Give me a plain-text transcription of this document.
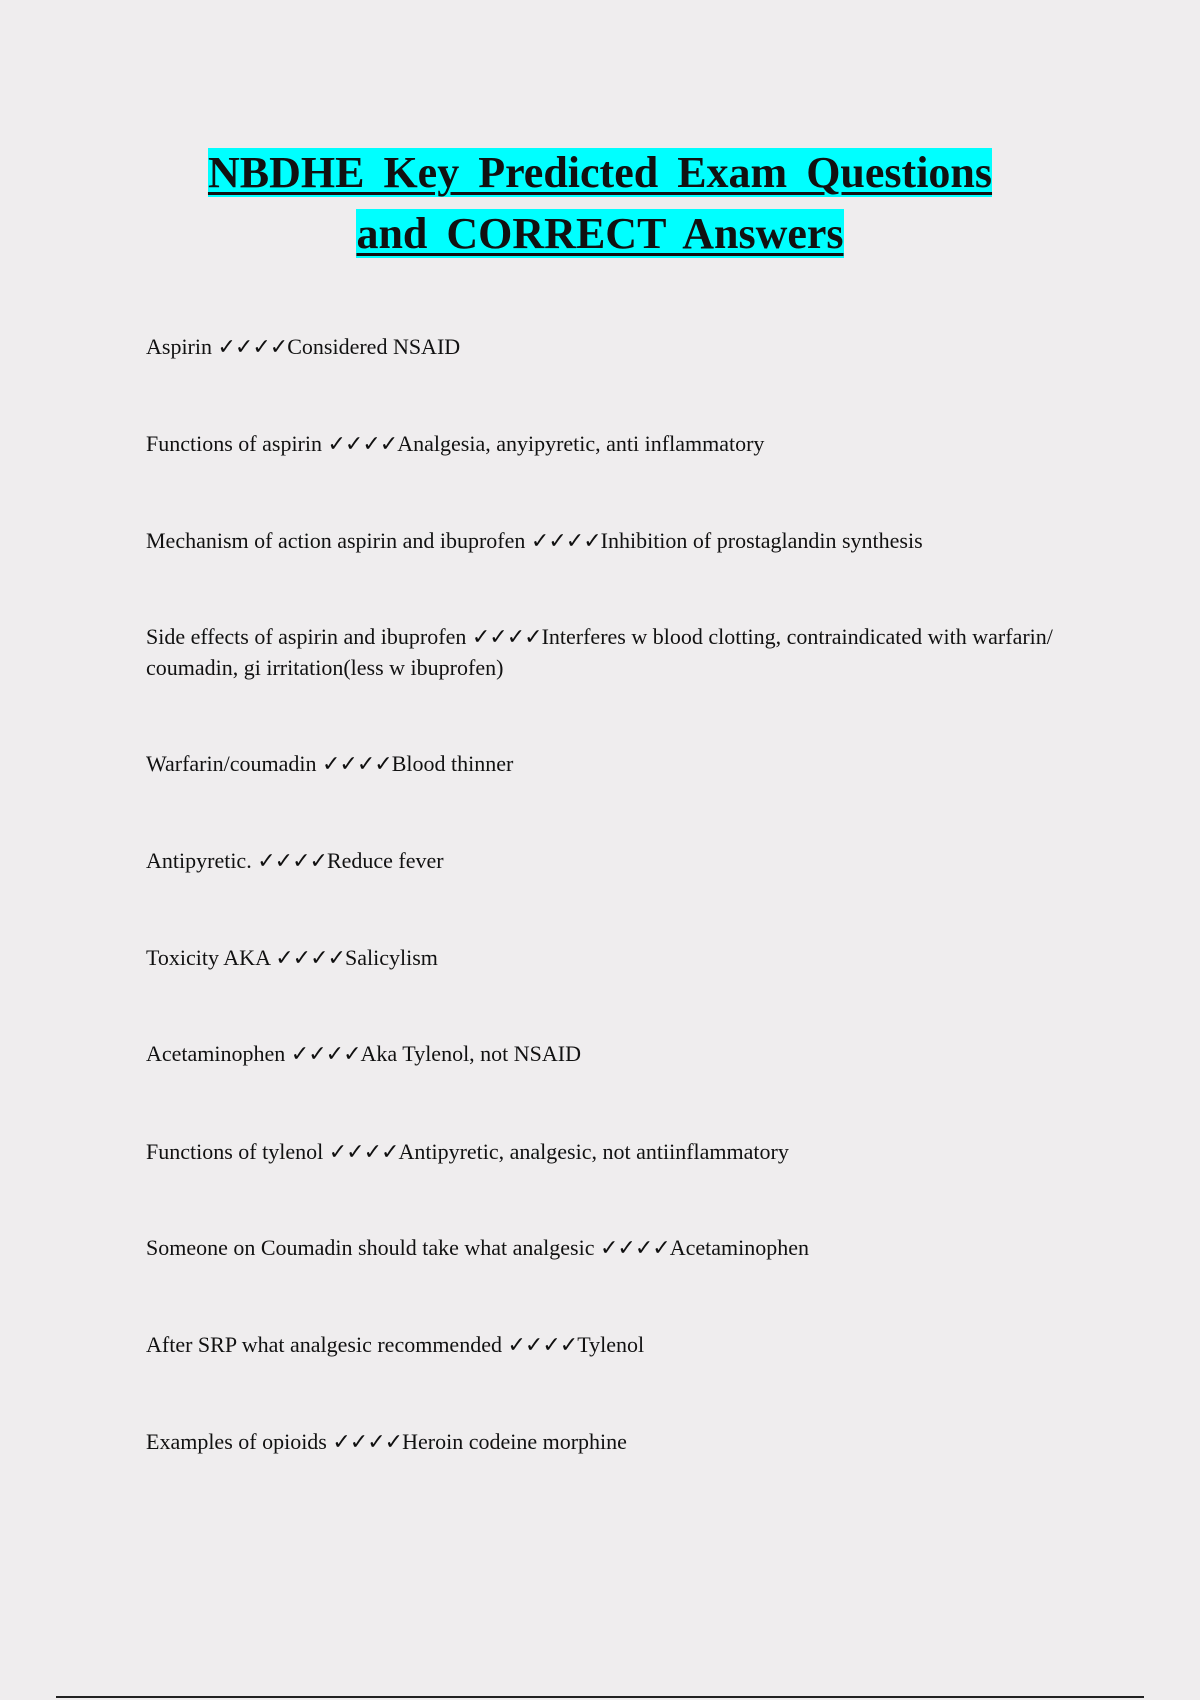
NBDHE Key Predicted Exam Questions
and CORRECT Answers

Aspirin ✓✓✓✓Considered NSAID

Functions of aspirin ✓✓✓✓Analgesia, anyipyretic, anti inflammatory

Mechanism of action aspirin and ibuprofen ✓✓✓✓Inhibition of prostaglandin synthesis

Side effects of aspirin and ibuprofen ✓✓✓✓Interferes w blood clotting, contraindicated with warfarin/ coumadin, gi irritation(less w ibuprofen)

Warfarin/coumadin ✓✓✓✓Blood thinner

Antipyretic. ✓✓✓✓Reduce fever

Toxicity AKA ✓✓✓✓Salicylism

Acetaminophen ✓✓✓✓Aka Tylenol, not NSAID

Functions of tylenol ✓✓✓✓Antipyretic, analgesic, not antiinflammatory

Someone on Coumadin should take what analgesic ✓✓✓✓Acetaminophen

After SRP what analgesic recommended ✓✓✓✓Tylenol

Examples of opioids ✓✓✓✓Heroin codeine morphine
